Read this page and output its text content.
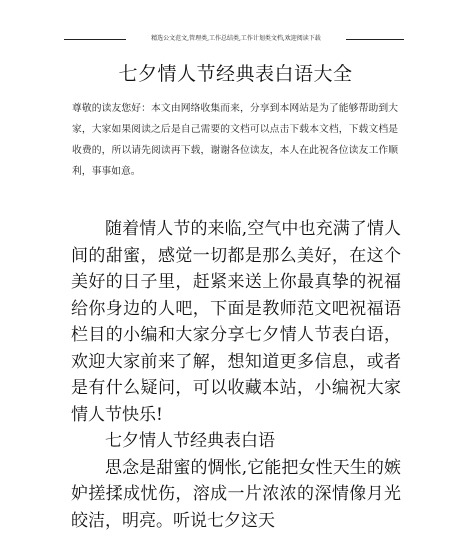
精选公文范文,管理类,工作总结类,工作计划类文档,欢迎阅读下载
七夕情人节经典表白语大全
尊敬的读友您好：本文由网络收集而来，分享到本网站是为了能够帮助到大家，大家如果阅读之后是自己需要的文档可以点击下载本文档，下载文档是收费的，所以请先阅读再下载，谢谢各位读友，本人在此祝各位读友工作顺利，事事如意。

随着情人节的来临,空气中也充满了情人间的甜蜜，感觉一切都是那么美好，在这个美好的日子里，赶紧来送上你最真挚的祝福给你身边的人吧，下面是教师范文吧祝福语栏目的小编和大家分享七夕情人节表白语，欢迎大家前来了解，想知道更多信息，或者是有什么疑问，可以收藏本站，小编祝大家情人节快乐!

七夕情人节经典表白语

思念是甜蜜的惆怅,它能把女性天生的嫉妒搓揉成忧伤，溶成一片浓浓的深情像月光皎洁，明亮。听说七夕这天
